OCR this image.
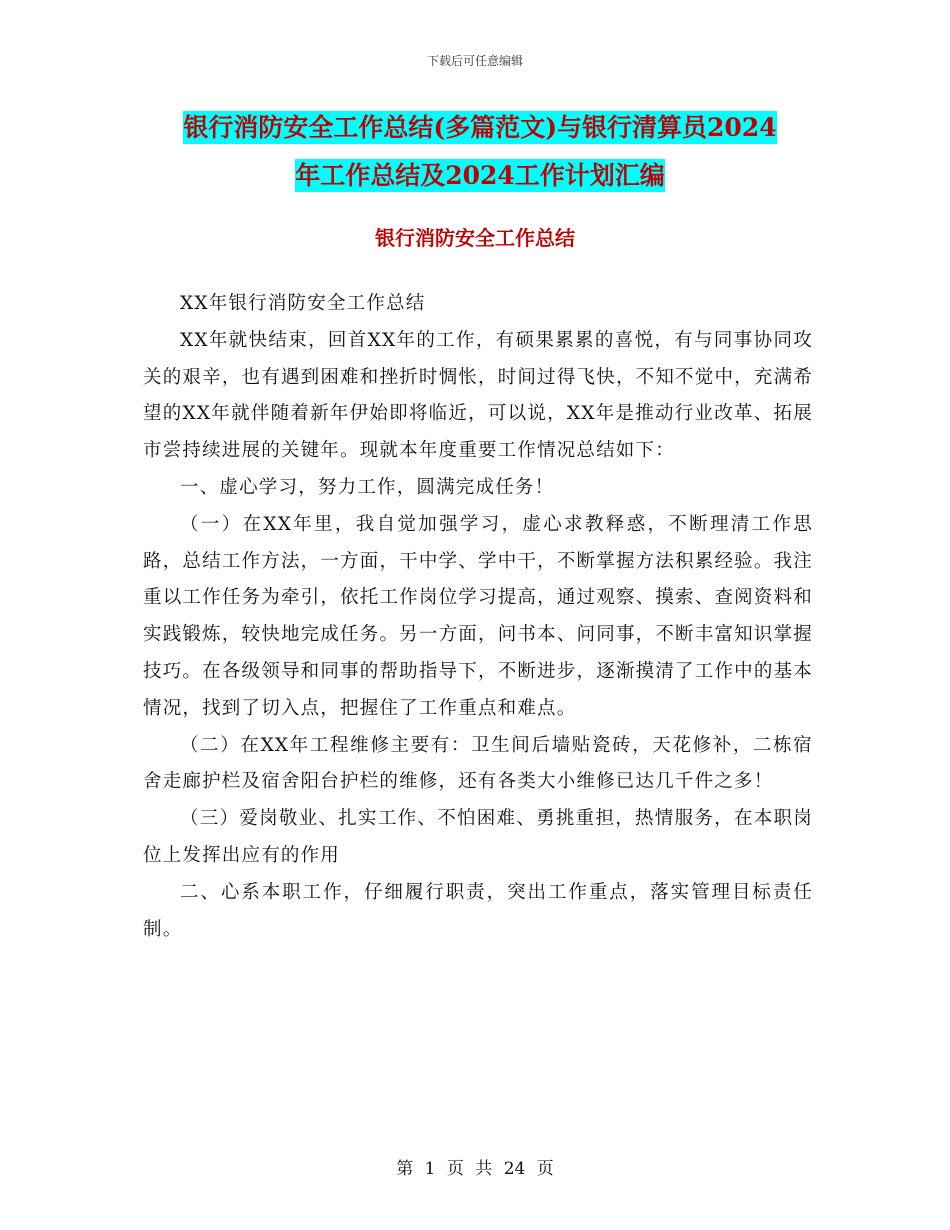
下载后可任意编辑
银行消防安全工作总结(多篇范文)与银行清算员2024
年工作总结及2024工作计划汇编
银行消防安全工作总结

XX年银行消防安全工作总结

XX年就快结束，回首XX年的工作，有硕果累累的喜悦，有与同事协同攻关的艰辛，也有遇到困难和挫折时惆怅，时间过得飞快，不知不觉中，充满希望的XX年就伴随着新年伊始即将临近，可以说，XX年是推动行业改革、拓展市尝持续进展的关键年。现就本年度重要工作情况总结如下：

一、虚心学习，努力工作，圆满完成任务！

（一）在XX年里，我自觉加强学习，虚心求教释惑，不断理清工作思路，总结工作方法，一方面，干中学、学中干，不断掌握方法积累经验。我注重以工作任务为牵引，依托工作岗位学习提高，通过观察、摸索、查阅资料和实践锻炼，较快地完成任务。另一方面，问书本、问同事，不断丰富知识掌握技巧。在各级领导和同事的帮助指导下，不断进步，逐渐摸清了工作中的基本情况，找到了切入点，把握住了工作重点和难点。

（二）在XX年工程维修主要有：卫生间后墙贴瓷砖，天花修补，二栋宿舍走廊护栏及宿舍阳台护栏的维修，还有各类大小维修已达几千件之多！

（三）爱岗敬业、扎实工作、不怕困难、勇挑重担，热情服务，在本职岗位上发挥出应有的作用

二、心系本职工作，仔细履行职责，突出工作重点，落实管理目标责任制。

第 1 页 共 24 页
